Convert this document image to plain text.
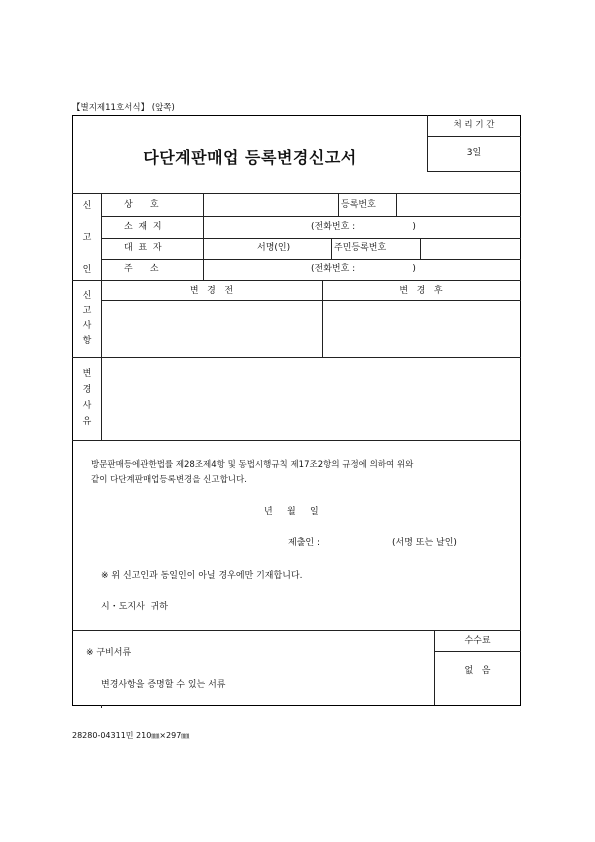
【별지제11호서식】 (앞쪽)
다단계판매업 등록변경신고서
처 리 기 간
3일
신
고
인
상      호	등록번호
소  재  지	(전화번호 :                    )
대  표  자	서명(인)	주민등록번호
주      소	(전화번호 :                    )
변   경   전	변   경   후
신
고
사
항
변
경
사
유
방문판매등에관한법률 제28조제4항 및 동법시행규칙 제17조2항의 규정에 의하여 위와
같이 다단계판매업등록변경을 신고합니다.
년     월     일
제출인 :	(서명 또는 날인)
※ 위 신고인과 동일인이 아닐 경우에만 기재합니다.
시・도지사  귀하
※ 구비서류
변경사항을 증명할 수 있는 서류
수수료
없   음
28280-04311민 210㎜×297㎜
